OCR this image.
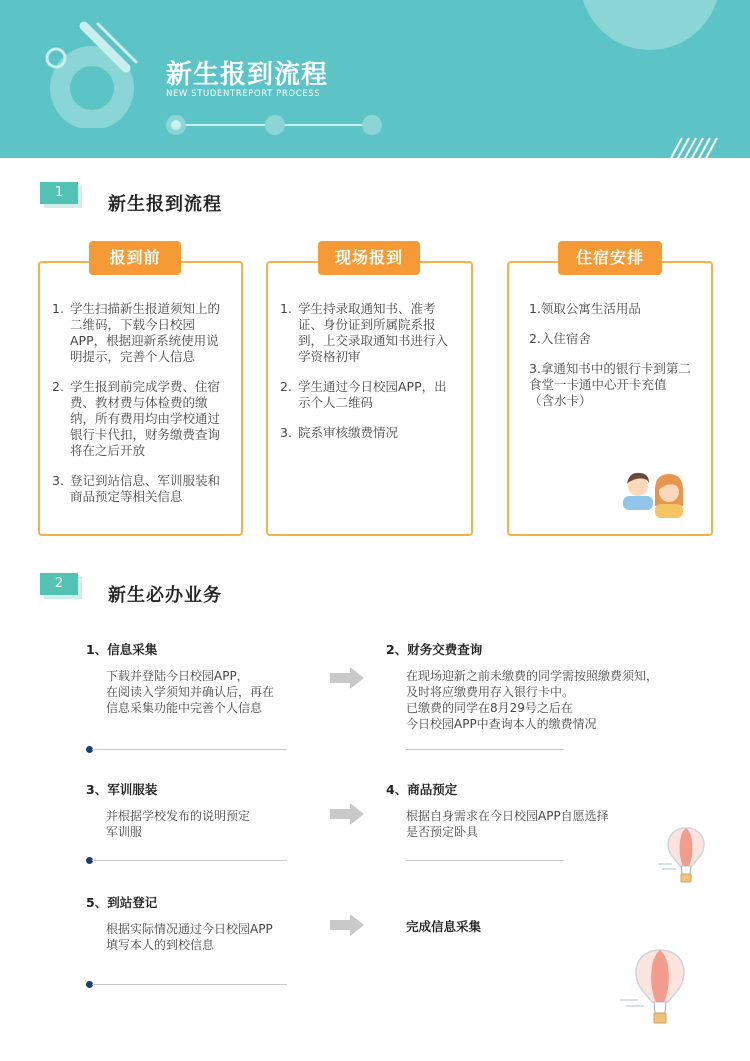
新生报到流程
NEW STUDENTREPORT PROCESS
1
新生报到流程
1. 学生扫描新生报道须知上的二维码，下载今日校园APP，根据迎新系统使用说明提示，完善个人信息
2. 学生报到前完成学费、住宿费、教材费与体检费的缴纳，所有费用均由学校通过银行卡代扣，财务缴费查询将在之后开放
3. 登记到站信息、军训服装和商品预定等相关信息
报到前
1. 学生持录取通知书、准考证、身份证到所属院系报到，上交录取通知书进行入学资格初审
2. 学生通过今日校园APP，出示个人二维码
3. 院系审核缴费情况
现场报到
1.领取公寓生活用品
2.入住宿舍
3.拿通知书中的银行卡到第二食堂一卡通中心开卡充值（含水卡）
住宿安排
2
新生必办业务
1、信息采集
下载并登陆今日校园APP，
在阅读入学须知并确认后，再在
信息采集功能中完善个人信息
2、财务交费查询
在现场迎新之前未缴费的同学需按照缴费须知，
及时将应缴费用存入银行卡中。
已缴费的同学在8月29号之后在
今日校园APP中查询本人的缴费情况
3、军训服装
并根据学校发布的说明预定
军训服
4、商品预定
根据自身需求在今日校园APP自愿选择
是否预定卧具
5、到站登记
根据实际情况通过今日校园APP
填写本人的到校信息
完成信息采集
